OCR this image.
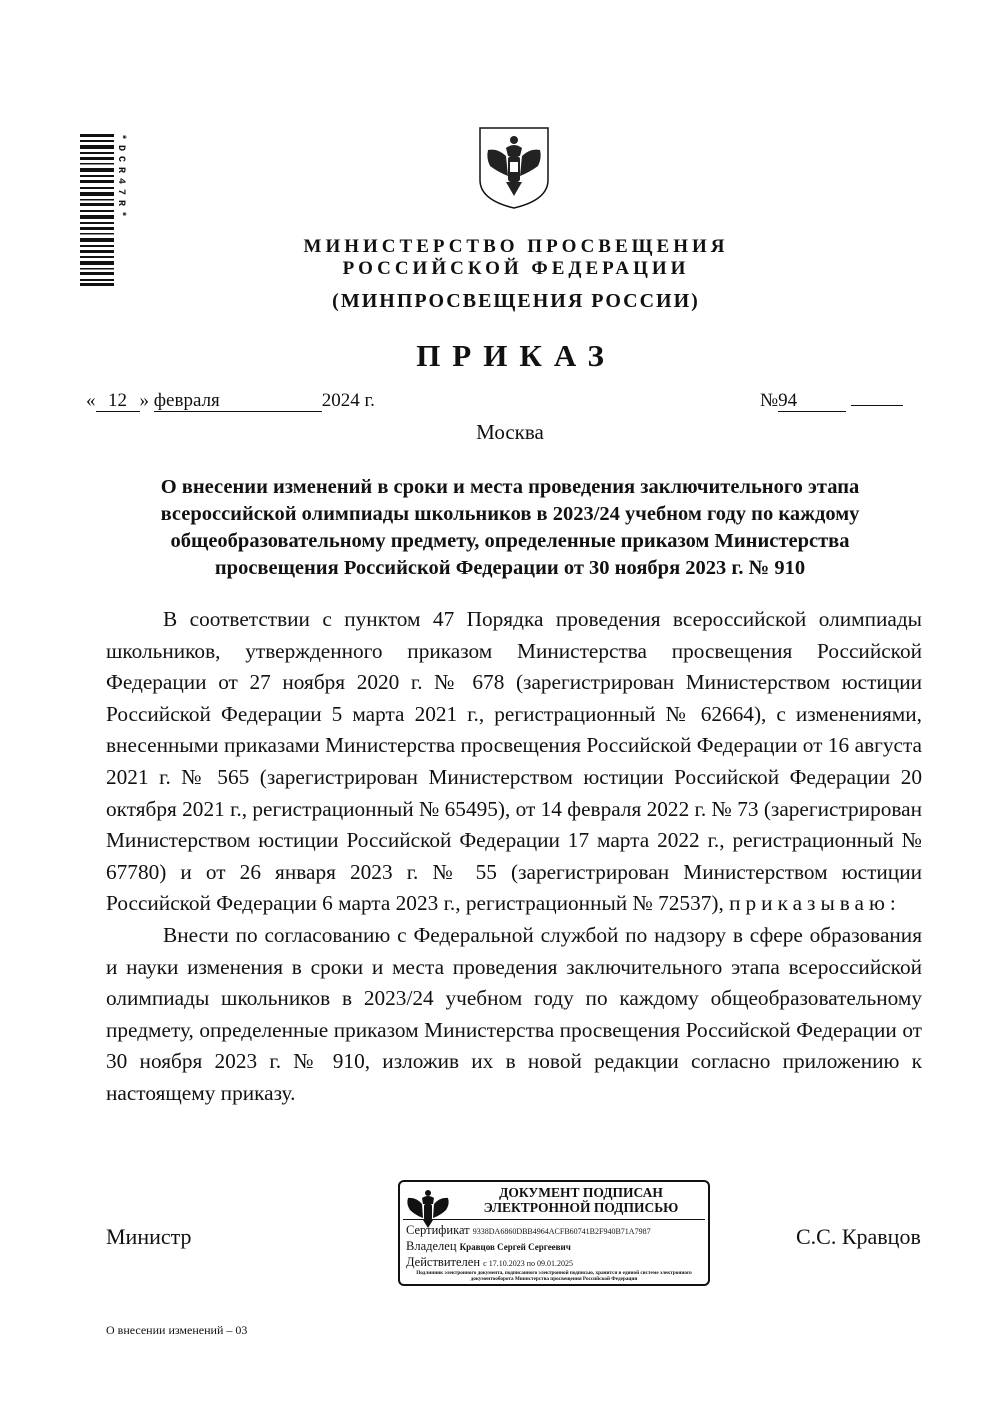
*DCR47R*
МИНИСТЕРСТВО ПРОСВЕЩЕНИЯ
РОССИЙСКОЙ ФЕДЕРАЦИИ
(МИНПРОСВЕЩЕНИЯ РОССИИ)
ПРИКАЗ
« 12 » февраля	2024 г.	№94
Москва
О внесении изменений в сроки и места проведения заключительного этапа всероссийской олимпиады школьников в 2023/24 учебном году по каждому общеобразовательному предмету, определенные приказом Министерства просвещения Российской Федерации от 30 ноября 2023 г. № 910

В соответствии с пунктом 47 Порядка проведения всероссийской олимпиады школьников, утвержденного приказом Министерства просвещения Российской Федерации от 27 ноября 2020 г. № 678 (зарегистрирован Министерством юстиции Российской Федерации 5 марта 2021 г., регистрационный № 62664), с изменениями, внесенными приказами Министерства просвещения Российской Федерации от 16 августа 2021 г. № 565 (зарегистрирован Министерством юстиции Российской Федерации 20 октября 2021 г., регистрационный № 65495), от 14 февраля 2022 г. № 73 (зарегистрирован Министерством юстиции Российской Федерации 17 марта 2022 г., регистрационный № 67780) и от 26 января 2023 г. № 55 (зарегистрирован Министерством юстиции Российской Федерации 6 марта 2023 г., регистрационный № 72537), приказываю:

Внести по согласованию с Федеральной службой по надзору в сфере образования и науки изменения в сроки и места проведения заключительного этапа всероссийской олимпиады школьников в 2023/24 учебном году по каждому общеобразовательному предмету, определенные приказом Министерства просвещения Российской Федерации от 30 ноября 2023 г. № 910, изложив их в новой редакции согласно приложению к настоящему приказу.

Министр	С.С. Кравцов
ДОКУМЕНТ ПОДПИСАН
ЭЛЕКТРОННОЙ ПОДПИСЬЮ
Сертификат 9338DA6860DBB4964ACFB60741B2F940B71A7987
Владелец Кравцов Сергей Сергеевич
Действителен с 17.10.2023 по 09.01.2025
Подлинник электронного документа, подписанного электронной подписью, хранится в единой системе электронного документооборота Министерства просвещения Российской Федерации
О внесении изменений – 03
